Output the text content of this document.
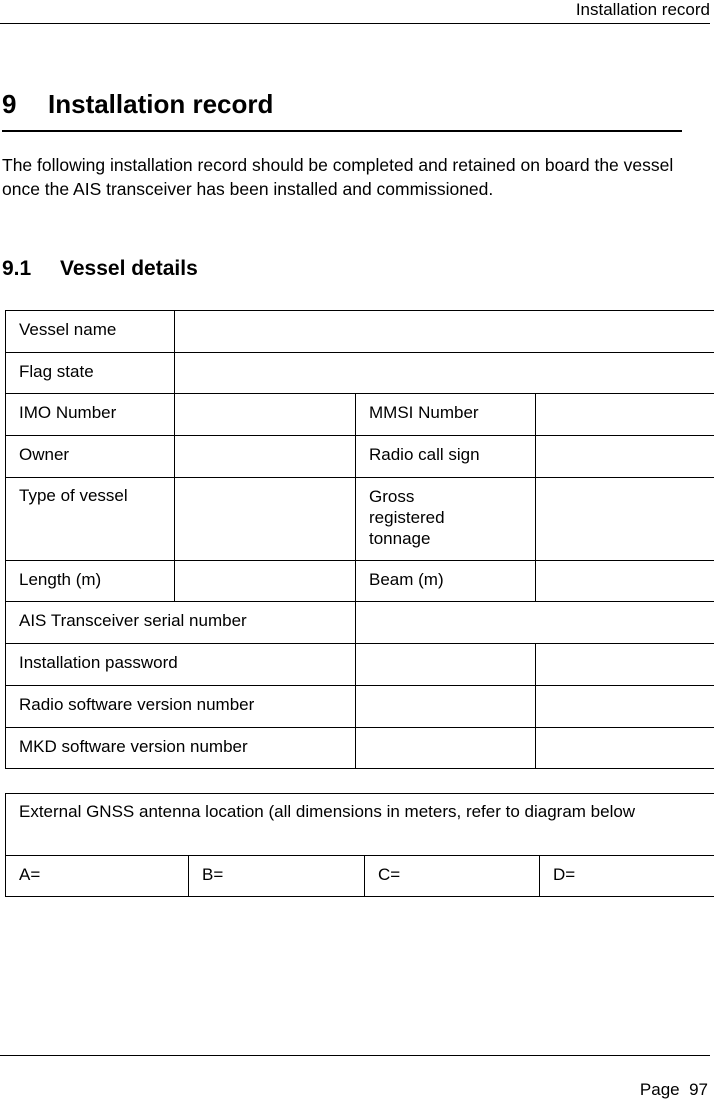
Installation record
9 Installation record

The following installation record should be completed and retained on board the vessel once the AIS transceiver has been installed and commissioned.

9.1 Vessel details
Vessel name			
Flag state			
IMO Number		MMSI Number	
Owner		Radio call sign	
Type of vessel		Gross registered tonnage	
Length (m)		Beam (m)	
AIS Transceiver serial number			
Installation password			
Radio software version number			
MKD software version number			
External GNSS antenna location (all dimensions in meters, refer to diagram below
A=	B=	C=	D=
Page 97
